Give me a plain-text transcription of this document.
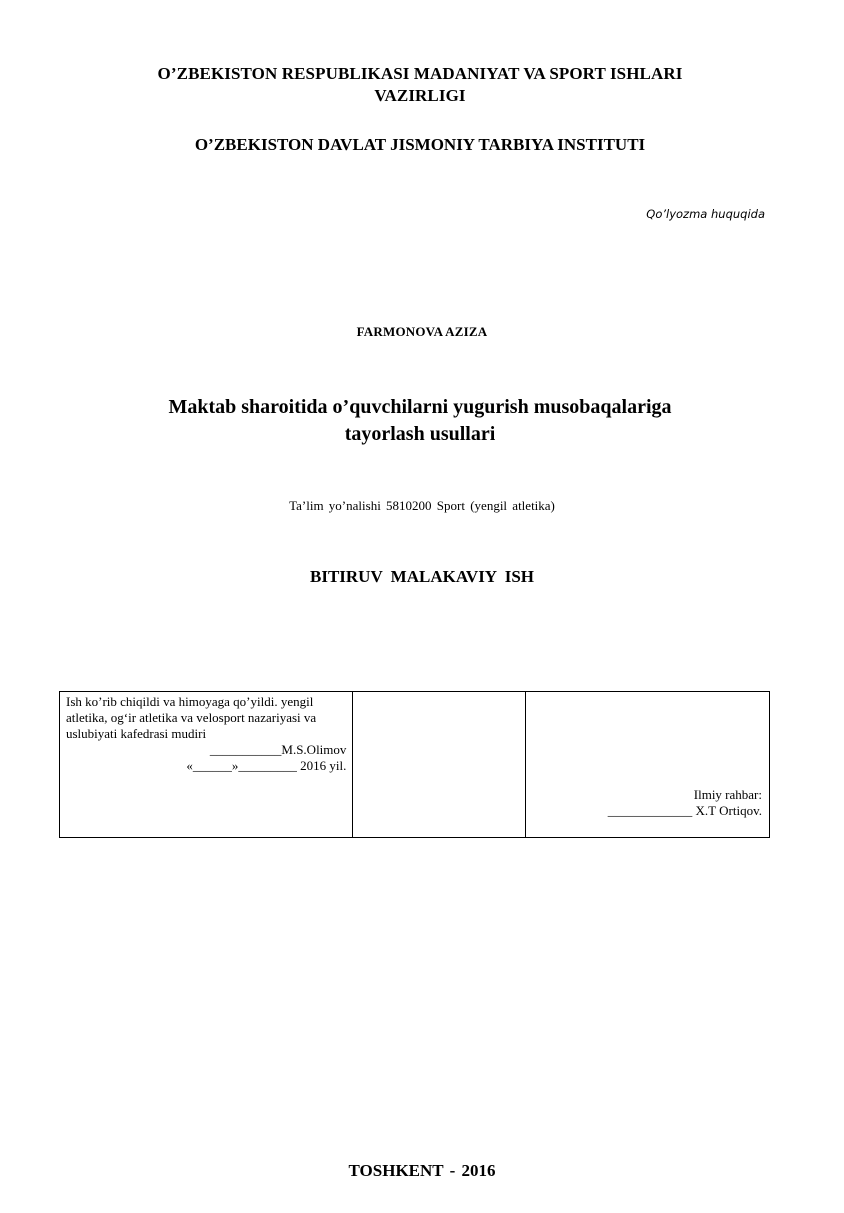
O’ZBEKISTON RESPUBLIKASI MADANIYAT VA SPORT ISHLARI
VAZIRLIGI
O’ZBEKISTON DAVLAT JISMONIY TARBIYA INSTITUTI
Qo’lyozma huquqida
FARMONOVA AZIZA
Maktab sharoitida o’quvchilarni yugurish musobaqalariga
tayorlash usullari
Ta’lim yo’nalishi 5810200 Sport (yengil atletika)
BITIRUV MALAKAVIY ISH
Ish ko’rib chiqildi va himoyaga qo’yildi. yengil atletika, og‘ir atletika va velosport nazariyasi va uslubiyati kafedrasi mudiri
___________M.S.Olimov
«______»_________ 2016 yil.

Ilmiy rahbar:
_____________ X.T Ortiqov.
TOSHKENT - 2016
